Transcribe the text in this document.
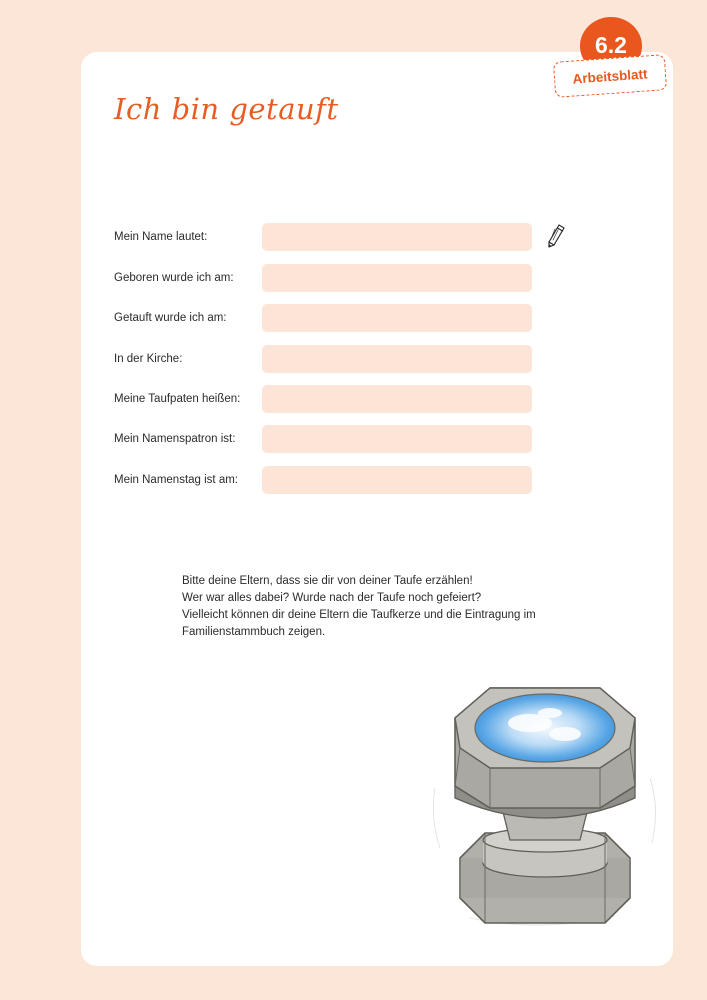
6.2
Arbeitsblatt
Ich bin getauft
Mein Name lautet:
Geboren wurde ich am:
Getauft wurde ich am:
In der Kirche:
Meine Taufpaten heißen:
Mein Namenspatron ist:
Mein Namenstag ist am:
Bitte deine Eltern, dass sie dir von deiner Taufe erzählen!
Wer war alles dabei? Wurde nach der Taufe noch gefeiert?
Vielleicht können dir deine Eltern die Taufkerze und die Eintragung im
Familienstammbuch zeigen.
